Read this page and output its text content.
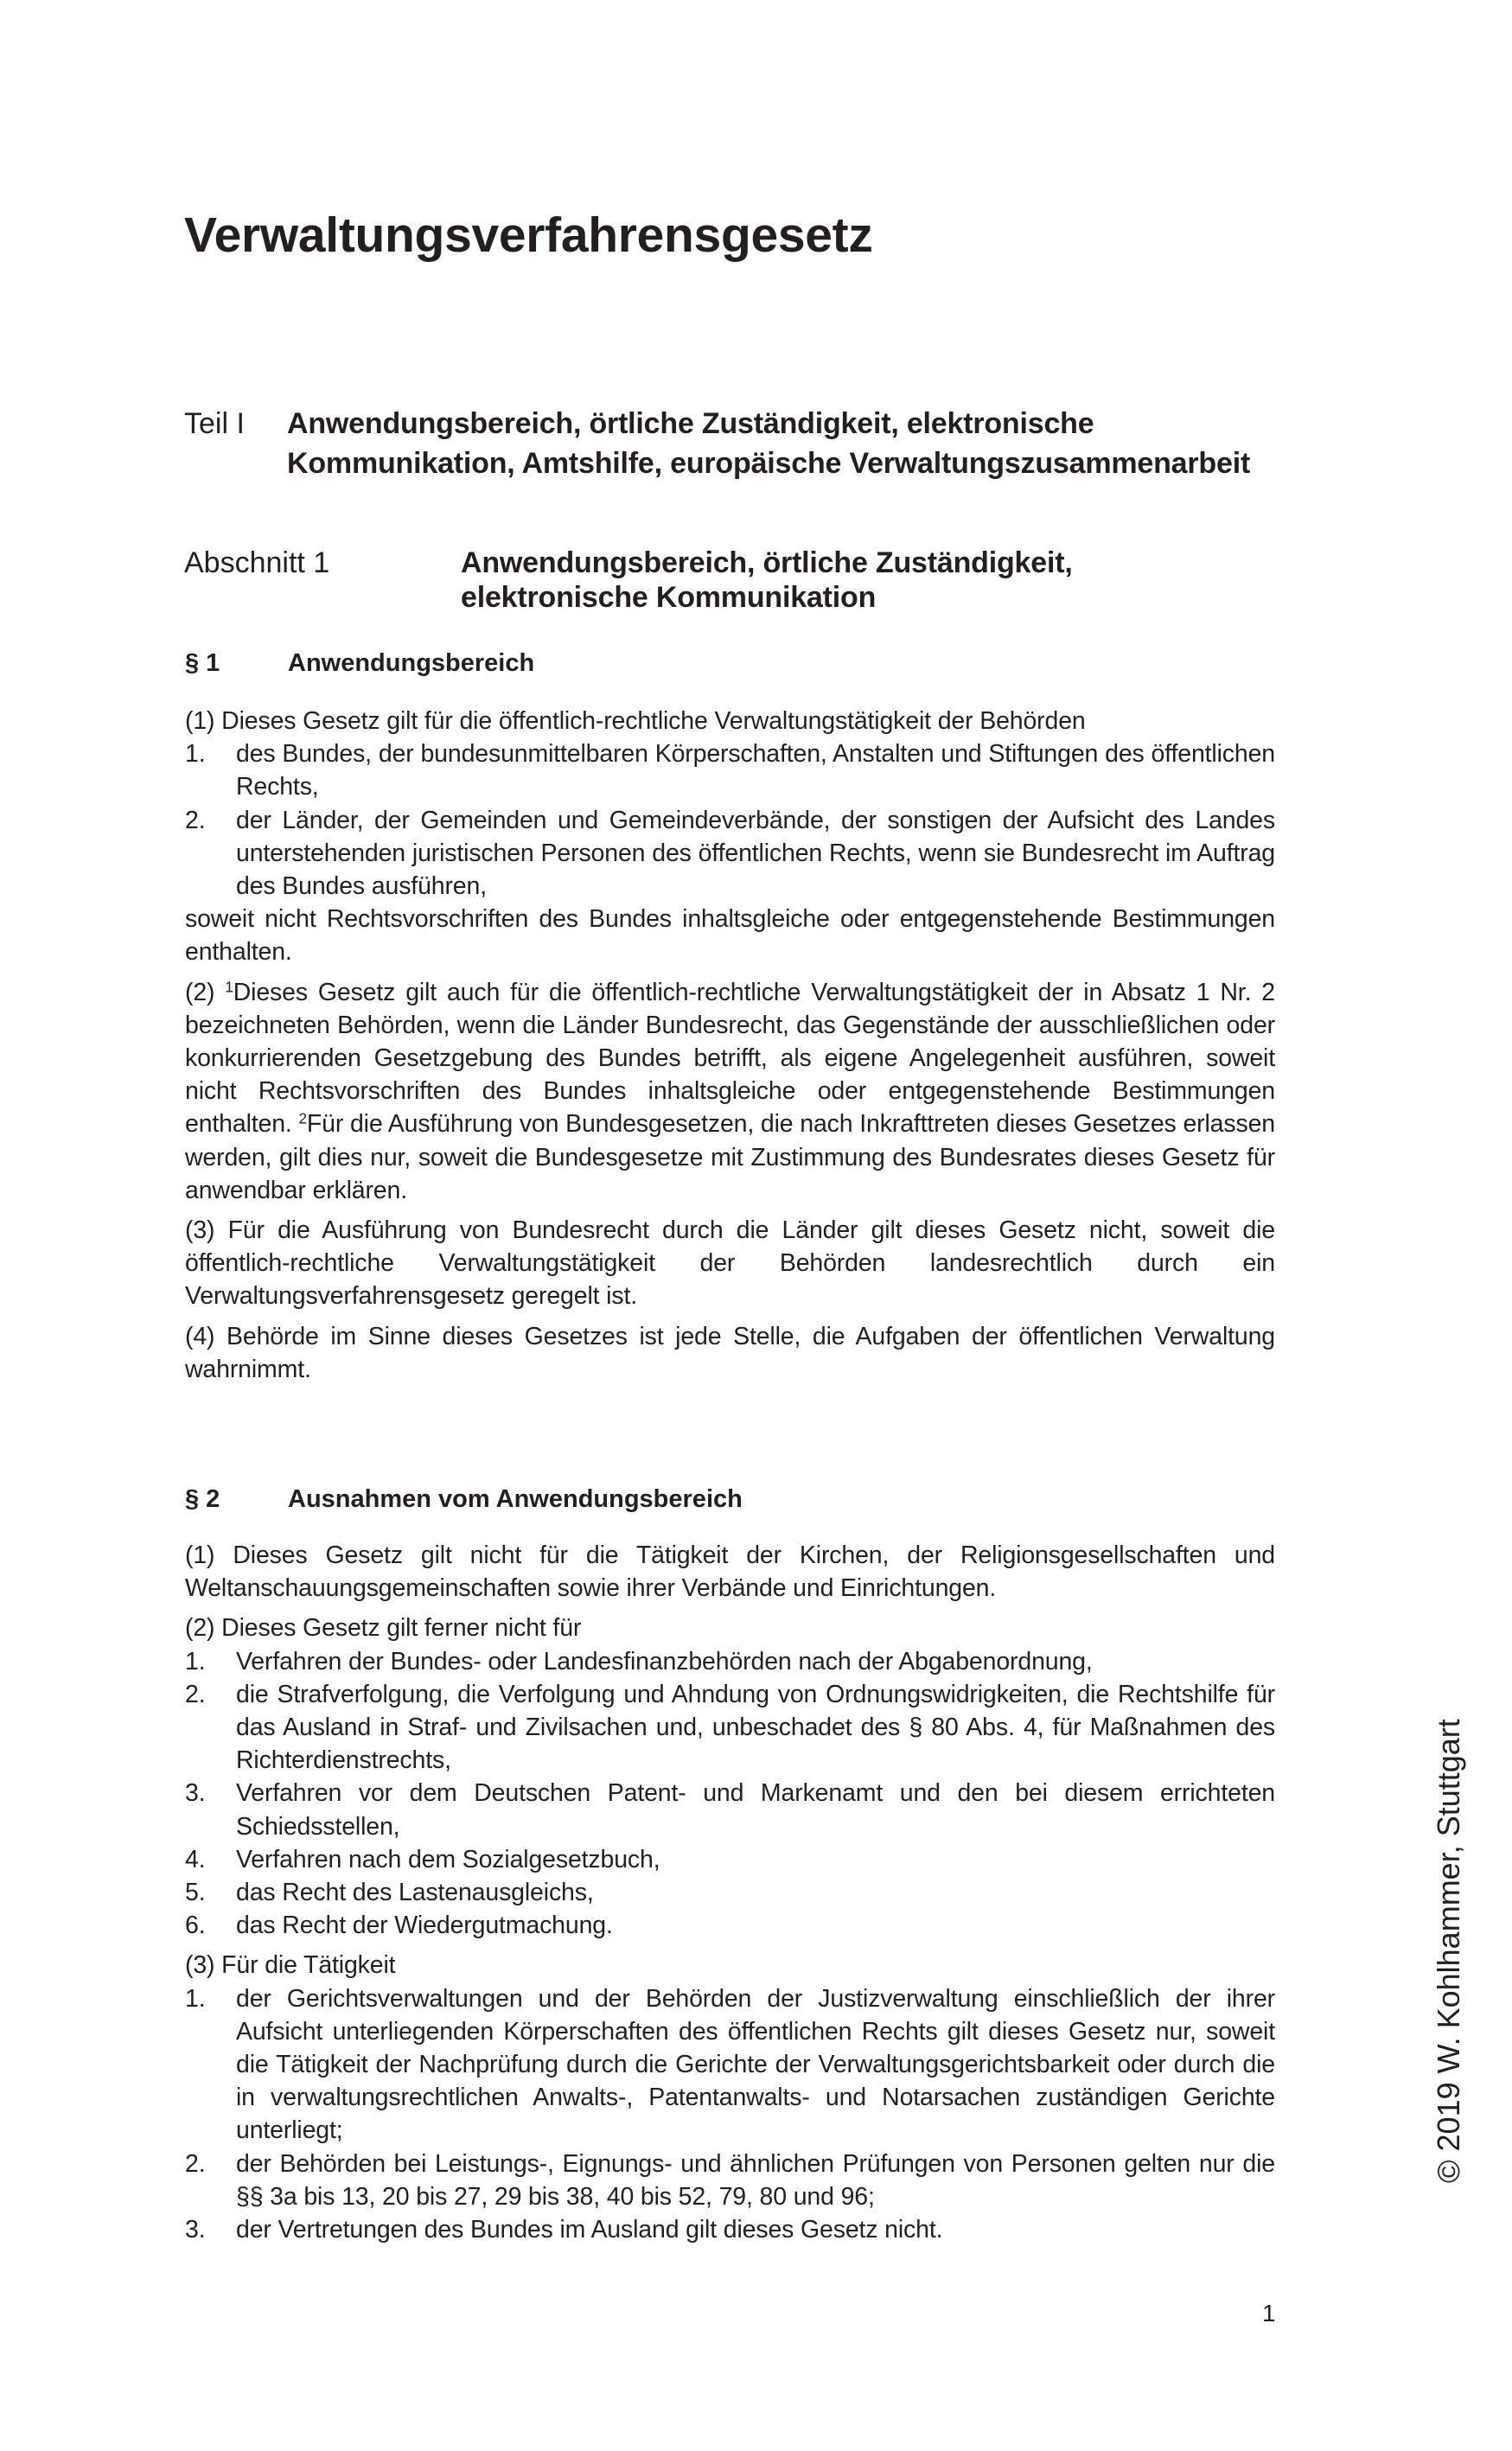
Verwaltungsverfahrensgesetz
Teil I	Anwendungsbereich, örtliche Zuständigkeit, elektronische Kommunikation, Amtshilfe, europäische Verwaltungszusammenarbeit
Abschnitt 1	Anwendungsbereich, örtliche Zuständigkeit,
elektronische Kommunikation
§ 1	Anwendungsbereich

(1) Dieses Gesetz gilt für die öffentlich-rechtliche Verwaltungstätigkeit der Behörden

1.	des Bundes, der bundesunmittelbaren Körperschaften, Anstalten und Stiftungen des öffentlichen Rechts,
2.	der Länder, der Gemeinden und Gemeindeverbände, der sonstigen der Aufsicht des Landes unterstehenden juristischen Personen des öffentlichen Rechts, wenn sie Bundesrecht im Auftrag des Bundes ausführen,

soweit nicht Rechtsvorschriften des Bundes inhaltsgleiche oder entgegenstehende Bestimmungen enthalten.

(2) $^1$Dieses Gesetz gilt auch für die öffentlich-rechtliche Verwaltungstätigkeit der in Absatz 1 Nr. 2 bezeichneten Behörden, wenn die Länder Bundesrecht, das Gegenstände der ausschließlichen oder konkurrierenden Gesetzgebung des Bundes betrifft, als eigene Angelegenheit ausführen, soweit nicht Rechtsvorschriften des Bundes inhaltsgleiche oder entgegenstehende Bestimmungen enthalten. $^2$Für die Ausführung von Bundesgesetzen, die nach Inkrafttreten dieses Gesetzes erlassen werden, gilt dies nur, soweit die Bundesgesetze mit Zustimmung des Bundesrates dieses Gesetz für anwendbar erklären.

(3) Für die Ausführung von Bundesrecht durch die Länder gilt dieses Gesetz nicht, soweit die öffentlich-rechtliche Verwaltungstätigkeit der Behörden landesrechtlich durch ein Verwaltungsverfahrensgesetz geregelt ist.

(4) Behörde im Sinne dieses Gesetzes ist jede Stelle, die Aufgaben der öffentlichen Verwaltung wahrnimmt.

§ 2	Ausnahmen vom Anwendungsbereich

(1) Dieses Gesetz gilt nicht für die Tätigkeit der Kirchen, der Religionsgesellschaften und Weltanschauungsgemeinschaften sowie ihrer Verbände und Einrichtungen.

(2) Dieses Gesetz gilt ferner nicht für

1.	Verfahren der Bundes- oder Landesfinanzbehörden nach der Abgabenordnung,
2.	die Strafverfolgung, die Verfolgung und Ahndung von Ordnungswidrigkeiten, die Rechtshilfe für das Ausland in Straf- und Zivilsachen und, unbeschadet des § 80 Abs. 4, für Maßnahmen des Richterdienstrechts,
3.	Verfahren vor dem Deutschen Patent- und Markenamt und den bei diesem errichteten Schiedsstellen,
4.	Verfahren nach dem Sozialgesetzbuch,
5.	das Recht des Lastenausgleichs,
6.	das Recht der Wiedergutmachung.

(3) Für die Tätigkeit

1.	der Gerichtsverwaltungen und der Behörden der Justizverwaltung einschließlich der ihrer Aufsicht unterliegenden Körperschaften des öffentlichen Rechts gilt dieses Gesetz nur, soweit die Tätigkeit der Nachprüfung durch die Gerichte der Verwaltungsgerichtsbarkeit oder durch die in verwaltungsrechtlichen Anwalts-, Patentanwalts- und Notarsachen zuständigen Gerichte unterliegt;
2.	der Behörden bei Leistungs-, Eignungs- und ähnlichen Prüfungen von Personen gelten nur die §§ 3a bis 13, 20 bis 27, 29 bis 38, 40 bis 52, 79, 80 und 96;
3.	der Vertretungen des Bundes im Ausland gilt dieses Gesetz nicht.
© 2019 W. Kohlhammer, Stuttgart
1
